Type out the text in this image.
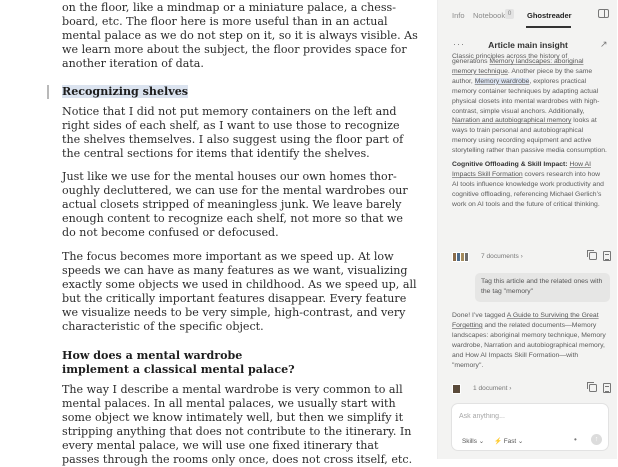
on the floor, like a mindmap or a miniature palace, a chess-

board, etc. The floor here is more useful than in an actual

mental palace as we do not step on it, so it is always visible. As

we learn more about the subject, the floor provides space for

another iteration of data.

Recognizing shelves

Notice that I did not put memory containers on the left and

right sides of each shelf, as I want to use those to recognize

the shelves themselves. I also suggest using the floor part of

the central sections for items that identify the shelves.

Just like we use for the mental houses our own homes thor-

oughly decluttered, we can use for the mental wardrobes our

actual closets stripped of meaningless junk. We leave barely

enough content to recognize each shelf, not more so that we

do not become confused or defocused.

The focus becomes more important as we speed up. At low

speeds we can have as many features as we want, visualizing

exactly some objects we used in childhood. As we speed up, all

but the critically important features disappear. Every feature

we visualize needs to be very simple, high-contrast, and very

characteristic of the specific object.

How does a mental wardrobe
implement a classical mental palace?

The way I describe a mental wardrobe is very common to all

mental palaces. In all mental palaces, we usually start with

some object we know intimately well, but then we simplify it

stripping anything that does not contribute to the itinerary. In

every mental palace, we will use one fixed itinerary that

passes through the rooms only once, does not cross itself, etc.

Info Notebook 0	Ghostreader
···	Article main insight	↗
Classic principles across the history of
generations Memory landscapes: aboriginal memory technique. Another piece by the same author, Memory wardrobe, explores practical memory container techniques by adapting actual physical closets into mental wardrobes with high-contrast, simple visual anchors. Additionally, Narration and autobiographical memory looks at ways to train personal and autobiographical memory using recording equipment and active storytelling rather than passive media consumption.
Cognitive Offloading & Skill Impact: How AI Impacts Skill Formation covers research into how AI tools influence knowledge work productivity and cognitive offloading, referencing Michael Gerlich’s work on AI tools and the future of critical thinking.
7 documents ›
1 document ›
Done! I’ve tagged A Guide to Surviving the Great Forgetting and the related documents—Memory landscapes: aboriginal memory technique, Memory wardrobe, Narration and autobiographical memory, and How AI Impacts Skill Formation—with "memory".
Tag this article and the related ones with the tag "memory"
Ask anything...
Skills ⌄ ⚡ Fast ⌄	•	↑
